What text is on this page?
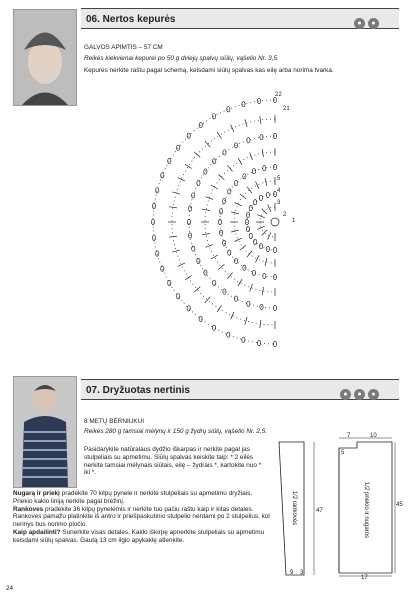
06. Nertos kepurės	● ●
GALVOS APIMTIS – 57 CM
Reikės kiekvienai kepurei po 50 g dviejų spalvų siūlų, vąšelio Nr. 3,5.
Kepures nerkite raštu pagal schemą, keisdami siūlų spalvas kas eilę arba norima tvarka.
22
21
5
4
3
2
1
07. Dryžuotas nertinis	● ● ●
8 METŲ BERNIUKUI
Reikės 280 g tamsiai mėlynų ir 150 g žydrų siūlų, vąšelio Nr. 2,5.
Pasidarykite natūralaus dydžio iškarpas ir nerkite pagal jas stulpeliais su apmetimu. Siūlų spalvas keiskite taip: * 2 eilės nerkite tamsiai mėlynais siūlais, eilę – žydrais *, kartokite nuo * iki *.
Nugarą ir priekį pradėkite 70 kilpų pynele ir nerkite stulpeliais su apmetimu dryžiais. Priekio kaklo liniją nerkite pagal brėžinį.
Rankoves pradėkite 36 kilpų pynelėmis ir nerkite tuo pačiu raštu kaip ir kitas detales. Rankoves pamažu platinkite iš antro ir priešpaskutinio stulpelio nerdami po 2 stulpelius, kol nerinys bus norimo pločio.
Kaip apdailinti? Sunerkite visas detales. Kaklo iškirpę apnerkite stulpeliais su apmetimu keisdami siūlų spalvas. Gautą 13 cm ilgio apykaklę atlenkite.
1/2 rankovės	47
9 3
7	10
5
1/2 priekio ir nugaros	45
17
24
